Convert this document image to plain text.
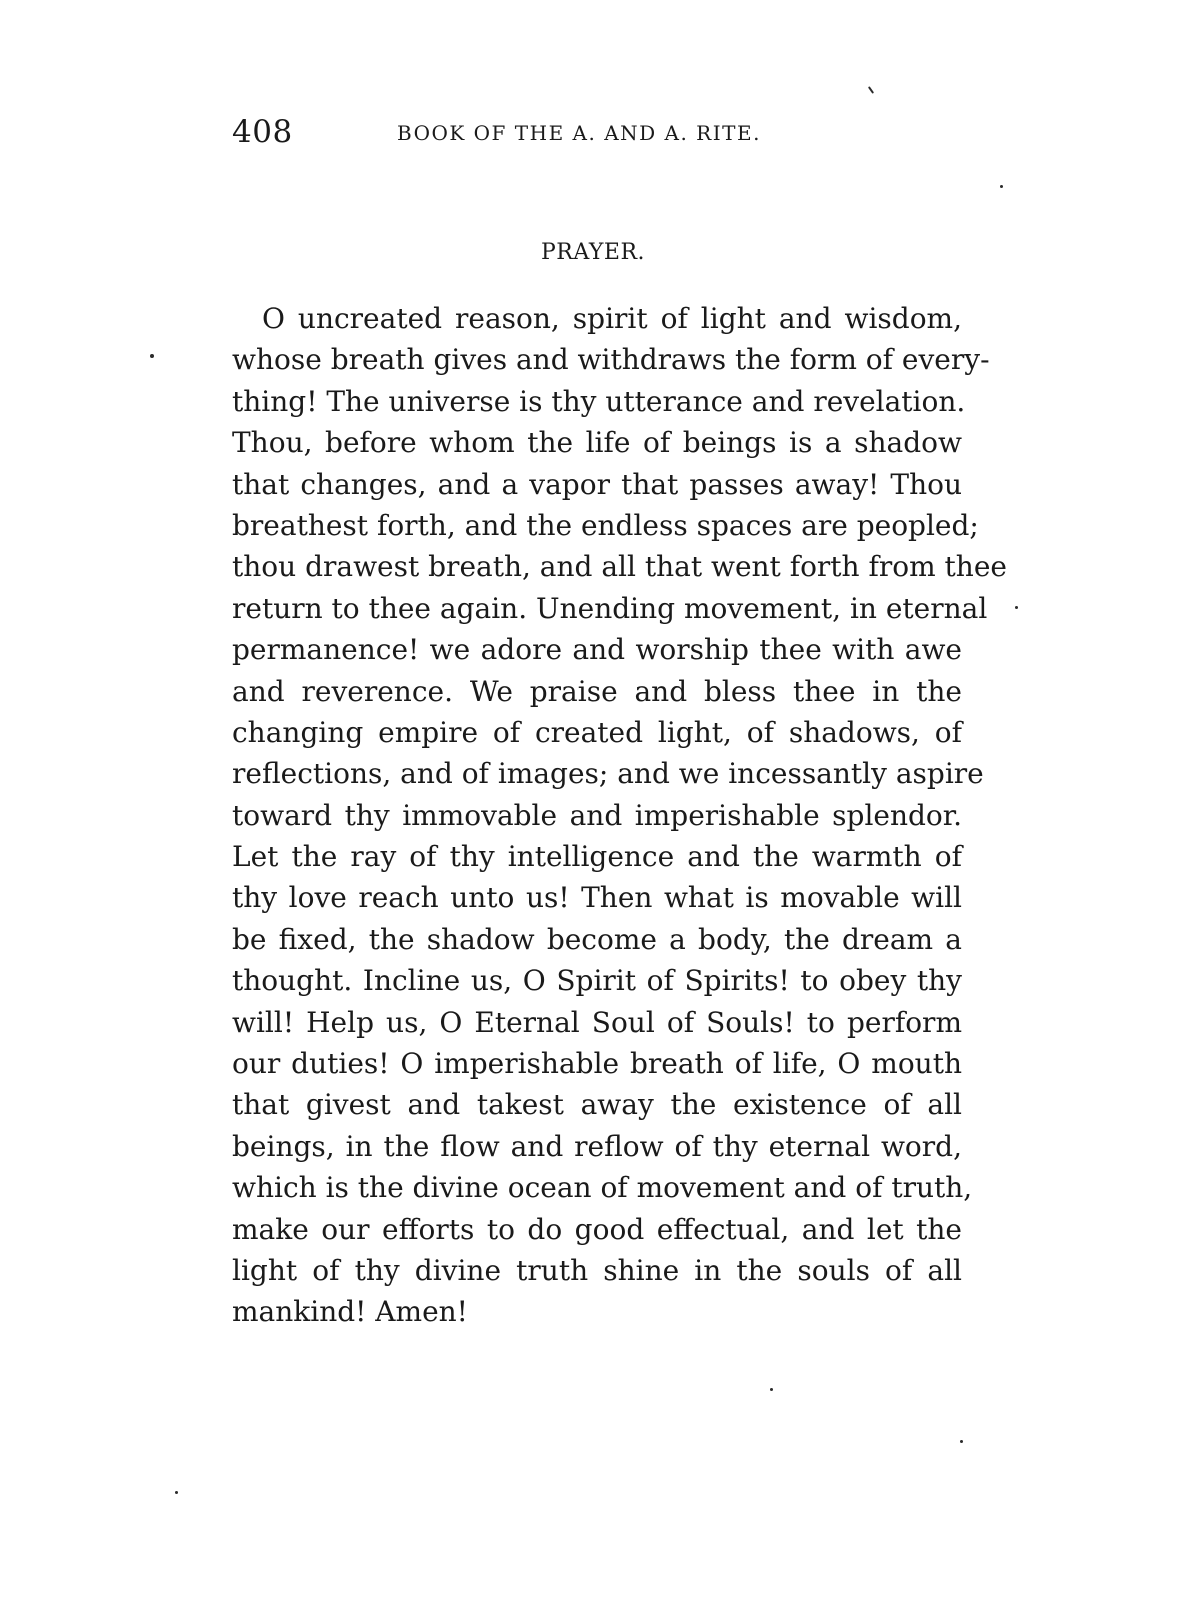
408	BOOK OF THE A. AND A. RITE.
PRAYER.
O uncreated reason, spirit of light and wisdom,
whose breath gives and withdraws the form of every-
thing! The universe is thy utterance and revelation.
Thou, before whom the life of beings is a shadow
that changes, and a vapor that passes away! Thou
breathest forth, and the endless spaces are peopled;
thou drawest breath, and all that went forth from thee
return to thee again. Unending movement, in eternal
permanence! we adore and worship thee with awe
and reverence. We praise and bless thee in the
changing empire of created light, of shadows, of
reflections, and of images; and we incessantly aspire
toward thy immovable and imperishable splendor.
Let the ray of thy intelligence and the warmth of
thy love reach unto us! Then what is movable will
be fixed, the shadow become a body, the dream a
thought. Incline us, O Spirit of Spirits! to obey thy
will! Help us, O Eternal Soul of Souls! to perform
our duties! O imperishable breath of life, O mouth
that givest and takest away the existence of all
beings, in the flow and reflow of thy eternal word,
which is the divine ocean of movement and of truth,
make our efforts to do good effectual, and let the
light of thy divine truth shine in the souls of all
mankind! Amen!
